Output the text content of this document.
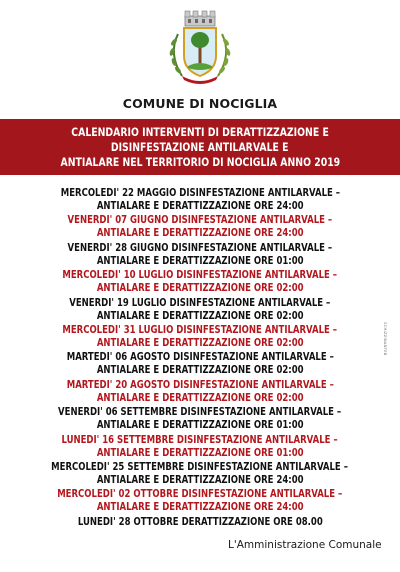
COMUNE DI NOCIGLIA
CALENDARIO INTERVENTI DI DERATTIZZAZIONE E
DISINFESTAZIONE ANTILARVALE E
ANTIALARE NEL TERRITORIO DI NOCIGLIA ANNO 2019
MERCOLEDI' 22 MAGGIO DISINFESTAZIONE ANTILARVALE –
ANTIALARE E DERATTIZZAZIONE ORE 24:00
VENERDI' 07 GIUGNO DISINFESTAZIONE ANTILARVALE –
ANTIALARE E DERATTIZZAZIONE ORE 24:00
VENERDI' 28 GIUGNO DISINFESTAZIONE ANTILARVALE –
ANTIALARE E DERATTIZZAZIONE ORE 01:00
MERCOLEDI' 10 LUGLIO DISINFESTAZIONE ANTILARVALE –
ANTIALARE E DERATTIZZAZIONE ORE 02:00
VENERDI' 19 LUGLIO DISINFESTAZIONE ANTILARVALE –
ANTIALARE E DERATTIZZAZIONE ORE 02:00
MERCOLEDI' 31 LUGLIO DISINFESTAZIONE ANTILARVALE –
ANTIALARE E DERATTIZZAZIONE ORE 02:00
MARTEDI' 06 AGOSTO DISINFESTAZIONE ANTILARVALE –
ANTIALARE E DERATTIZZAZIONE ORE 02:00
MARTEDI' 20 AGOSTO DISINFESTAZIONE ANTILARVALE –
ANTIALARE E DERATTIZZAZIONE ORE 02:00
VENERDI' 06 SETTEMBRE DISINFESTAZIONE ANTILARVALE –
ANTIALARE E DERATTIZZAZIONE ORE 01:00
LUNEDI' 16 SETTEMBRE DISINFESTAZIONE ANTILARVALE –
ANTIALARE E DERATTIZZAZIONE ORE 01:00
MERCOLEDI' 25 SETTEMBRE DISINFESTAZIONE ANTILARVALE –
ANTIALARE E DERATTIZZAZIONE ORE 24:00
MERCOLEDI' 02 OTTOBRE DISINFESTAZIONE ANTILARVALE –
ANTIALARE E DERATTIZZAZIONE ORE 24:00
LUNEDI' 28 OTTOBRE DERATTIZZAZIONE ORE 08.00
SCHIZZINANTEB
L'Amministrazione Comunale
